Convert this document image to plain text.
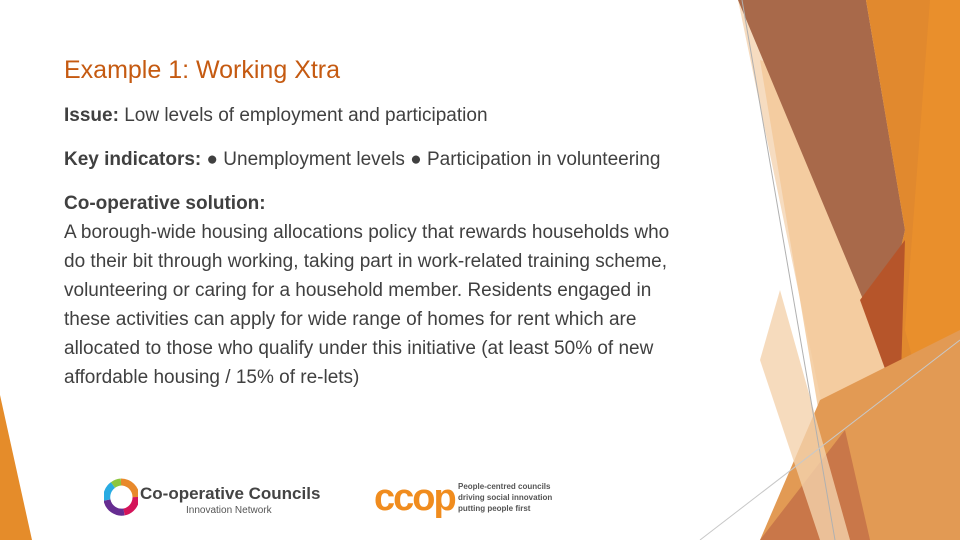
Example 1: Working Xtra

Issue: Low levels of employment and participation

Key indicators: ● Unemployment levels ● Participation in volunteering

Co-operative solution:
A borough-wide housing allocations policy that rewards households who do their bit through working, taking part in work-related training scheme, volunteering or caring for a household member. Residents engaged in these activities can apply for wide range of homes for rent which are allocated to those who qualify under this initiative (at least 50% of new affordable housing / 15% of re-lets)

Co-operative Councils
Innovation Network	ccop People-centred councils
driving social innovation
putting people first
